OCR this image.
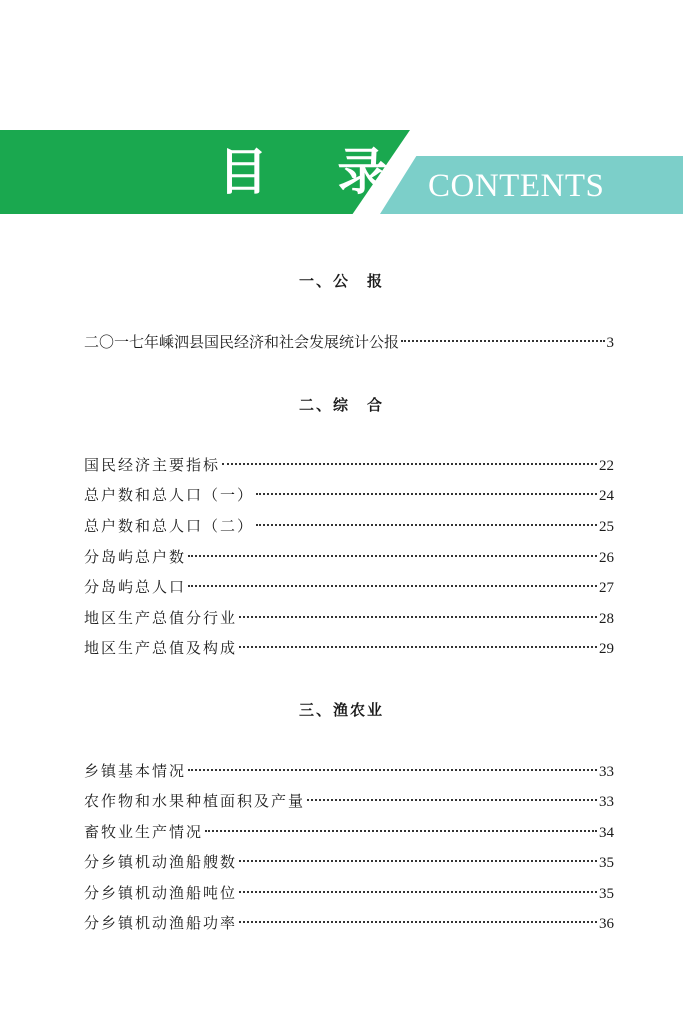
目 录 CONTENTS
一、公　报
二〇一七年嵊泗县国民经济和社会发展统计公报	3
二、综　合
国民经济主要指标	22
总户数和总人口（一）	24
总户数和总人口（二）	25
分岛屿总户数	26
分岛屿总人口	27
地区生产总值分行业	28
地区生产总值及构成	29
三、渔农业
乡镇基本情况	33
农作物和水果种植面积及产量	33
畜牧业生产情况	34
分乡镇机动渔船艘数	35
分乡镇机动渔船吨位	35
分乡镇机动渔船功率	36
